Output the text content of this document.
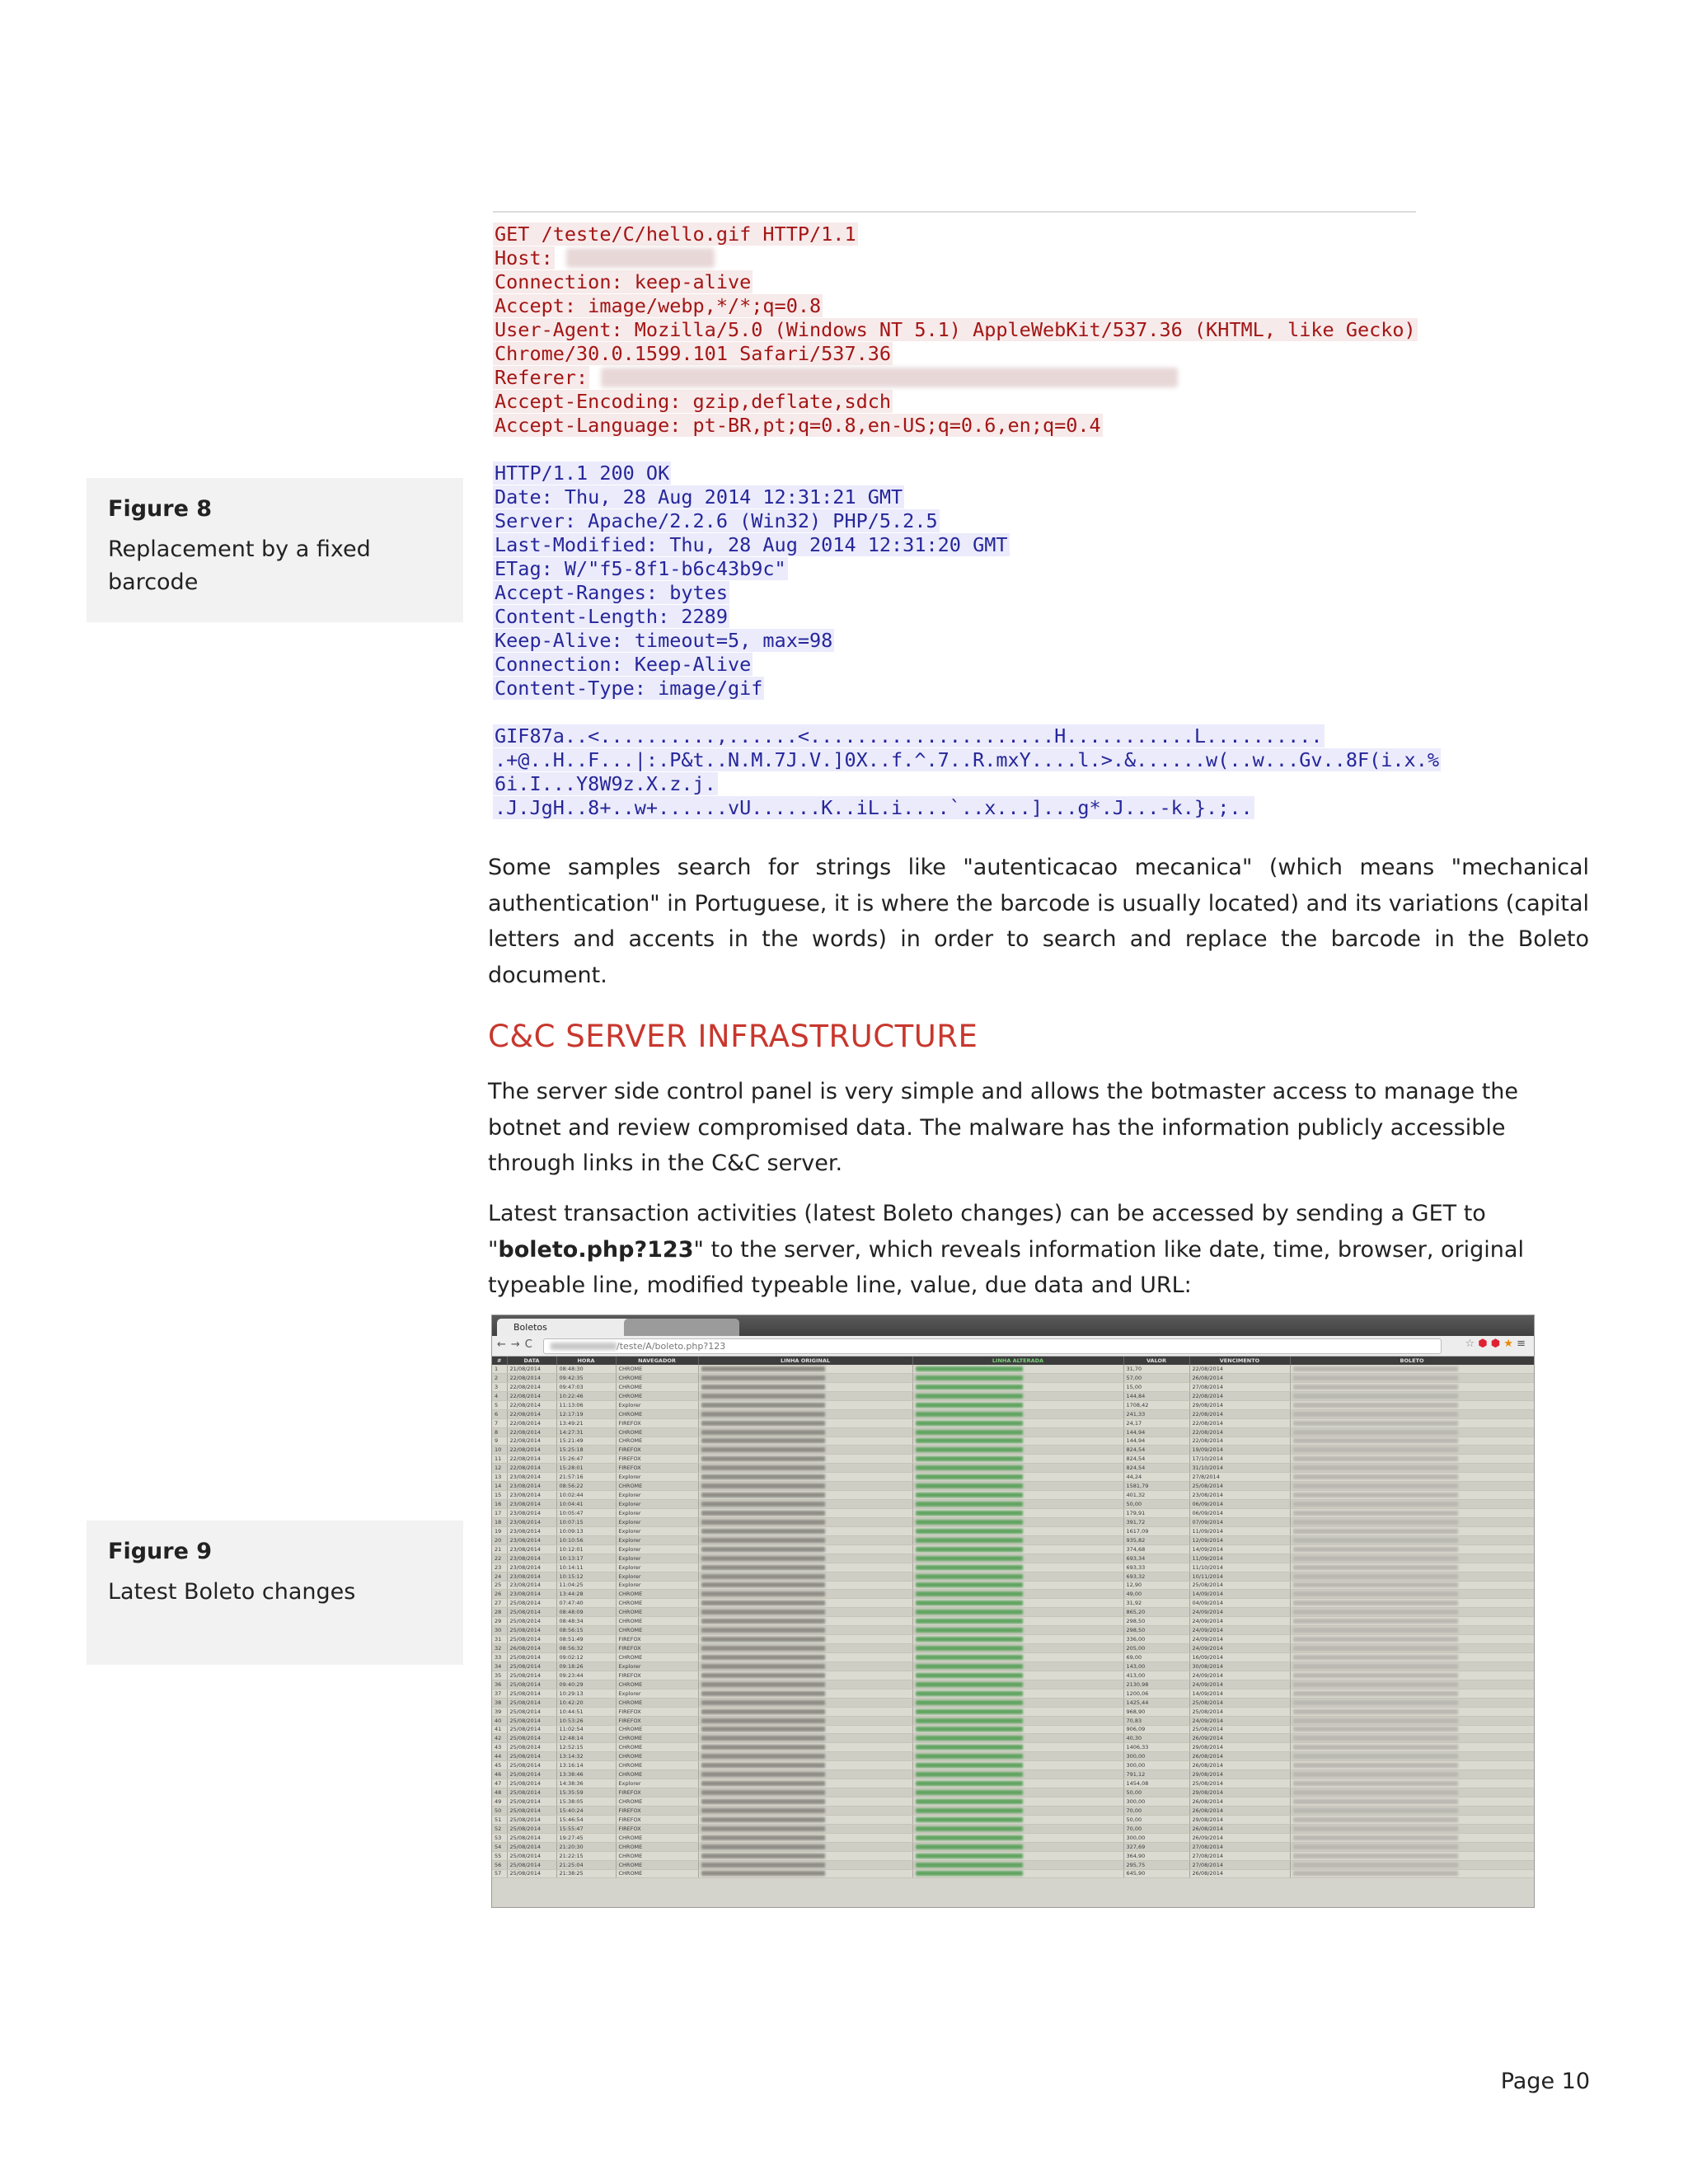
GET /teste/C/hello.gif HTTP/1.1
Host:
Connection: keep-alive
Accept: image/webp,*/*;q=0.8
User-Agent: Mozilla/5.0 (Windows NT 5.1) AppleWebKit/537.36 (KHTML, like Gecko)
Chrome/30.0.1599.101 Safari/537.36
Referer:
Accept-Encoding: gzip,deflate,sdch
Accept-Language: pt-BR,pt;q=0.8,en-US;q=0.6,en;q=0.4
HTTP/1.1 200 OK
Date: Thu, 28 Aug 2014 12:31:21 GMT
Server: Apache/2.2.6 (Win32) PHP/5.2.5
Last-Modified: Thu, 28 Aug 2014 12:31:20 GMT
ETag: W/"f5-8f1-b6c43b9c"
Accept-Ranges: bytes
Content-Length: 2289
Keep-Alive: timeout=5, max=98
Connection: Keep-Alive
Content-Type: image/gif
GIF87a..<..........,......<.....................H...........L..........
.+@..H..F...|:.P&t..N.M.7J.V.]0X..f.^.7..R.mxY....l.>.&......w(..w...Gv..8F(i.x.%
6i.I...Y8W9z.X.z.j.
.J.JgH..8+..w+......vU......K..iL.i....`..x...]...g*.J...-k.}.;..
Figure 8
Replacement by a fixed barcode
Some samples search for strings like "autenticacao mecanica" (which means "mechanical authentication" in Portuguese, it is where the barcode is usually located) and its variations (capital letters and accents in the words) in order to search and replace the barcode in the Boleto document.
C&C SERVER INFRASTRUCTURE
The server side control panel is very simple and allows the botmaster access to manage the botnet and review compromised data. The malware has the information publicly accessible through links in the C&C server.
Latest transaction activities (latest Boleto changes) can be accessed by sending a GET to "boleto.php?123" to the server, which reveals information like date, time, browser, original typeable line, modified typeable line, value, due data and URL:
Figure 9
Latest Boleto changes
Boletos
←→C	/teste/A/boleto.php?123	☆ ⬢ ⬢ ★ ≡
#	DATA	HORA	NAVEGADOR	LINHA ORIGINAL	LINHA ALTERADA	VALOR	VENCIMENTO	BOLETO
1	21/08/2014	08:48:30	CHROME			31,70	22/08/2014	
2	22/08/2014	09:42:35	CHROME			57,00	26/08/2014	
3	22/08/2014	09:47:03	CHROME			15,00	27/08/2014	
4	22/08/2014	10:22:46	CHROME			144,84	22/08/2014	
5	22/08/2014	11:13:06	Explorer			1708,42	29/08/2014	
6	22/08/2014	12:17:19	CHROME			241,33	22/08/2014	
7	22/08/2014	13:49:21	FIREFOX			24,17	22/08/2014	
8	22/08/2014	14:27:31	CHROME			144,94	22/08/2014	
9	22/08/2014	15:21:49	CHROME			144,94	22/08/2014	
10	22/08/2014	15:25:18	FIREFOX			824,54	19/09/2014	
11	22/08/2014	15:26:47	FIREFOX			824,54	17/10/2014	
12	22/08/2014	15:28:01	FIREFOX			824,54	31/10/2014	
13	23/08/2014	21:57:16	Explorer			44,24	27/8/2014	
14	23/08/2014	08:56:22	CHROME			1581,79	25/08/2014	
15	23/08/2014	10:02:44	Explorer			401,32	23/08/2014	
16	23/08/2014	10:04:41	Explorer			50,00	06/09/2014	
17	23/08/2014	10:05:47	Explorer			179,91	06/09/2014	
18	23/08/2014	10:07:15	Explorer			391,72	07/09/2014	
19	23/08/2014	10:09:13	Explorer			1617,09	11/09/2014	
20	23/08/2014	10:10:56	Explorer			935,82	12/09/2014	
21	23/08/2014	10:12:01	Explorer			374,68	14/09/2014	
22	23/08/2014	10:13:17	Explorer			693,34	11/09/2014	
23	23/08/2014	10:14:11	Explorer			693,33	11/10/2014	
24	23/08/2014	10:15:12	Explorer			693,32	10/11/2014	
25	23/08/2014	11:04:25	Explorer			12,90	25/08/2014	
26	23/08/2014	13:44:28	CHROME			49,00	14/09/2014	
27	25/08/2014	07:47:40	CHROME			31,92	04/09/2014	
28	25/08/2014	08:48:09	CHROME			865,20	24/09/2014	
29	25/08/2014	08:48:34	CHROME			298,50	24/09/2014	
30	25/08/2014	08:56:15	CHROME			298,50	24/09/2014	
31	25/08/2014	08:51:49	FIREFOX			336,00	24/09/2014	
32	26/08/2014	08:56:32	FIREFOX			205,00	24/09/2014	
33	25/08/2014	09:02:12	CHROME			69,00	16/09/2014	
34	25/08/2014	09:18:26	Explorer			143,00	30/08/2014	
35	25/08/2014	09:23:44	FIREFOX			413,00	24/09/2014	
36	25/08/2014	09:40:29	CHROME			2130,98	24/09/2014	
37	25/08/2014	10:29:13	Explorer			1200,06	14/09/2014	
38	25/08/2014	10:42:20	CHROME			1425,44	25/08/2014	
39	25/08/2014	10:44:51	FIREFOX			968,90	25/08/2014	
40	25/08/2014	10:53:26	FIREFOX			70,83	24/09/2014	
41	25/08/2014	11:02:54	CHROME			906,09	25/08/2014	
42	25/08/2014	12:48:14	CHROME			40,30	26/09/2014	
43	25/08/2014	12:52:15	CHROME			1406,33	29/08/2014	
44	25/08/2014	13:14:32	CHROME			300,00	26/08/2014	
45	25/08/2014	13:16:14	CHROME			300,00	26/08/2014	
46	25/08/2014	13:38:46	CHROME			791,12	29/08/2014	
47	25/08/2014	14:38:36	Explorer			1454,08	25/08/2014	
48	25/08/2014	15:35:59	FIREFOX			50,00	29/08/2014	
49	25/08/2014	15:38:05	CHROME			300,00	26/08/2014	
50	25/08/2014	15:40:24	FIREFOX			70,00	26/08/2014	
51	25/08/2014	15:46:54	FIREFOX			50,00	29/08/2014	
52	25/08/2014	15:55:47	FIREFOX			70,00	26/08/2014	
53	25/08/2014	19:27:45	CHROME			300,00	26/09/2014	
54	25/08/2014	21:20:30	CHROME			327,69	27/08/2014	
55	25/08/2014	21:22:15	CHROME			364,90	27/08/2014	
56	25/08/2014	21:25:04	CHROME			295,75	27/08/2014	
57	25/08/2014	21:38:25	CHROME			645,90	26/08/2014	
Page 10
